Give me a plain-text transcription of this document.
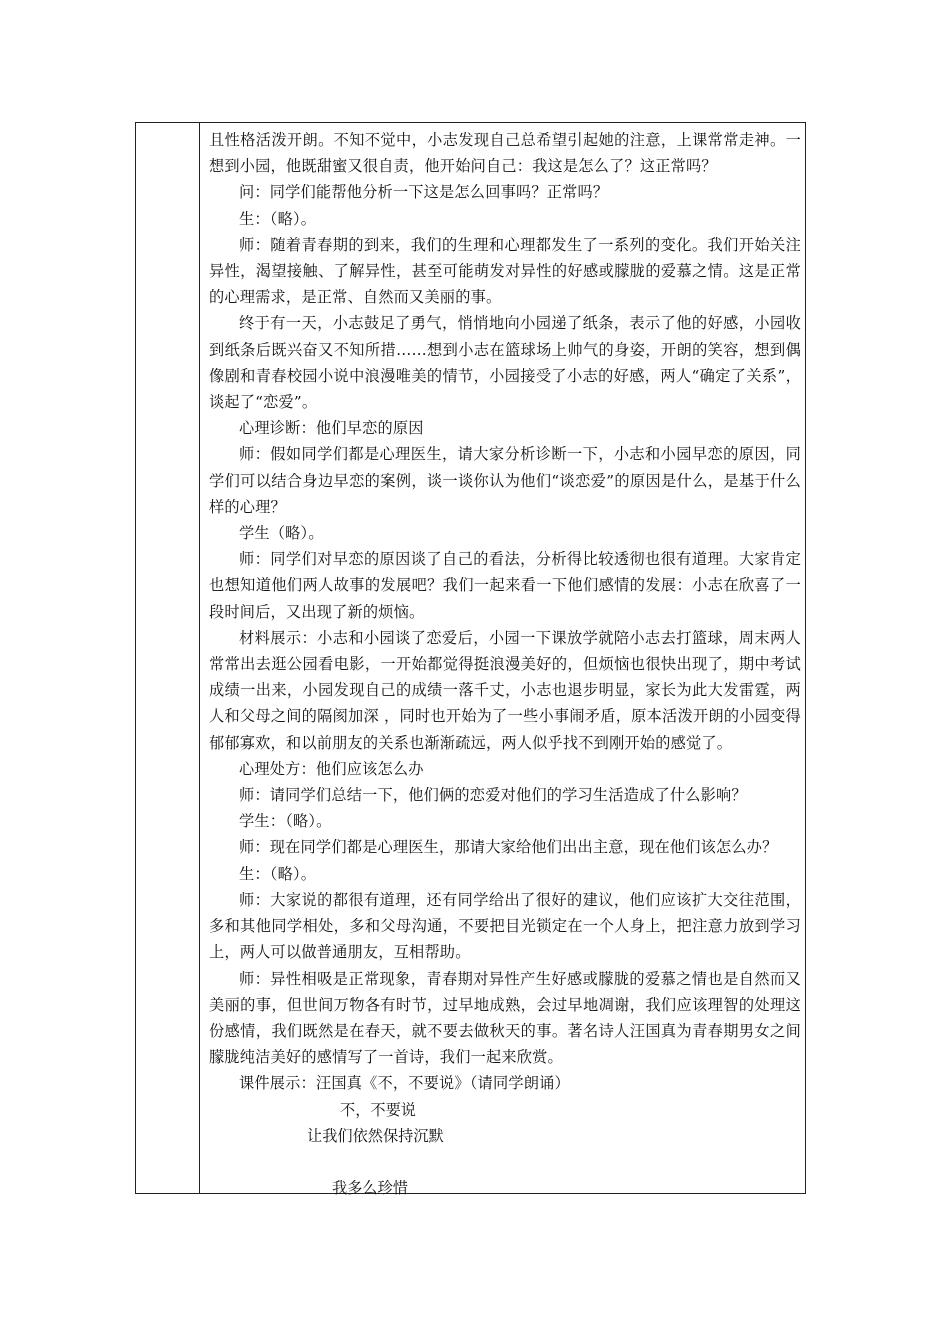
且性格活泼开朗。不知不觉中，小志发现自己总希望引起她的注意，上课常常走神。一想到小园，他既甜蜜又很自责，他开始问自己：我这是怎么了？这正常吗？

问：同学们能帮他分析一下这是怎么回事吗？正常吗？

生：（略）。

师：随着青春期的到来，我们的生理和心理都发生了一系列的变化。我们开始关注异性，渴望接触、了解异性，甚至可能萌发对异性的好感或朦胧的爱慕之情。这是正常的心理需求，是正常、自然而又美丽的事。

终于有一天，小志鼓足了勇气，悄悄地向小园递了纸条，表示了他的好感，小园收到纸条后既兴奋又不知所措……想到小志在篮球场上帅气的身姿，开朗的笑容，想到偶像剧和青春校园小说中浪漫唯美的情节，小园接受了小志的好感，两人“确定了关系”，谈起了“恋爱”。

心理诊断：他们早恋的原因

师：假如同学们都是心理医生，请大家分析诊断一下，小志和小园早恋的原因，同学们可以结合身边早恋的案例，谈一谈你认为他们“谈恋爱”的原因是什么，是基于什么样的心理？

学生（略）。

师：同学们对早恋的原因谈了自己的看法，分析得比较透彻也很有道理。大家肯定也想知道他们两人故事的发展吧？我们一起来看一下他们感情的发展：小志在欣喜了一段时间后，又出现了新的烦恼。

材料展示：小志和小园谈了恋爱后，小园一下课放学就陪小志去打篮球，周末两人常常出去逛公园看电影，一开始都觉得挺浪漫美好的，但烦恼也很快出现了，期中考试成绩一出来，小园发现自己的成绩一落千丈，小志也退步明显，家长为此大发雷霆，两人和父母之间的隔阂加深 ，同时也开始为了一些小事闹矛盾，原本活泼开朗的小园变得郁郁寡欢，和以前朋友的关系也渐渐疏远，两人似乎找不到刚开始的感觉了。

心理处方：他们应该怎么办

师：请同学们总结一下，他们俩的恋爱对他们的学习生活造成了什么影响？

学生：（略）。

师：现在同学们都是心理医生，那请大家给他们出出主意，现在他们该怎么办？

生：（略）。

师：大家说的都很有道理，还有同学给出了很好的建议，他们应该扩大交往范围，多和其他同学相处，多和父母沟通，不要把目光锁定在一个人身上，把注意力放到学习上，两人可以做普通朋友，互相帮助。

师：异性相吸是正常现象，青春期对异性产生好感或朦胧的爱慕之情也是自然而又美丽的事，但世间万物各有时节，过早地成熟，会过早地凋谢，我们应该理智的处理这份感情，我们既然是在春天，就不要去做秋天的事。著名诗人汪国真为青春期男女之间朦胧纯洁美好的感情写了一首诗，我们一起来欣赏。

课件展示：汪国真《不，不要说》（请同学朗诵）

不，不要说

让我们依然保持沉默

我多么珍惜
